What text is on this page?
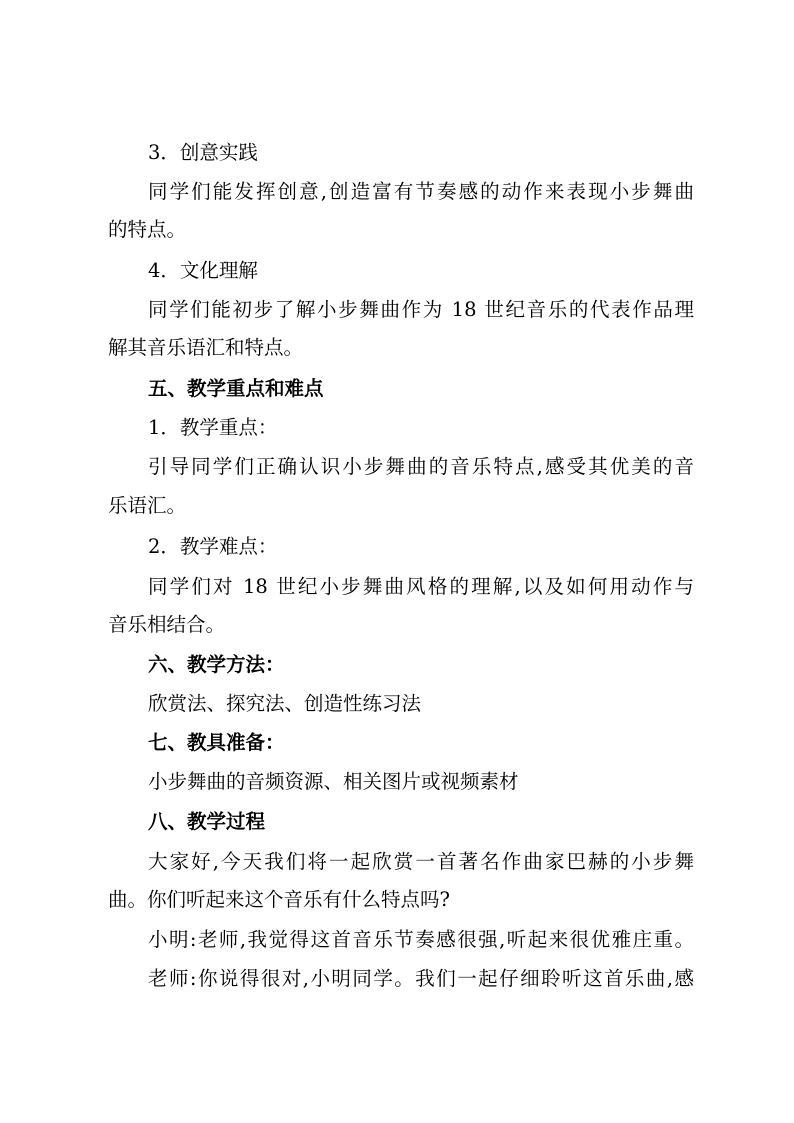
3．创意实践
同学们能发挥创意,创造富有节奏感的动作来表现小步舞曲
的特点。
4．文化理解
同学们能初步了解小步舞曲作为 18 世纪音乐的代表作品理
解其音乐语汇和特点。
五、教学重点和难点
1．教学重点：
引导同学们正确认识小步舞曲的音乐特点,感受其优美的音
乐语汇。
2．教学难点：
同学们对 18 世纪小步舞曲风格的理解,以及如何用动作与
音乐相结合。
六、教学方法：
欣赏法、探究法、创造性练习法
七、教具准备：
小步舞曲的音频资源、相关图片或视频素材
八、教学过程
大家好,今天我们将一起欣赏一首著名作曲家巴赫的小步舞
曲。你们听起来这个音乐有什么特点吗?
小明:老师,我觉得这首音乐节奏感很强,听起来很优雅庄重。
老师:你说得很对,小明同学。我们一起仔细聆听这首乐曲,感
